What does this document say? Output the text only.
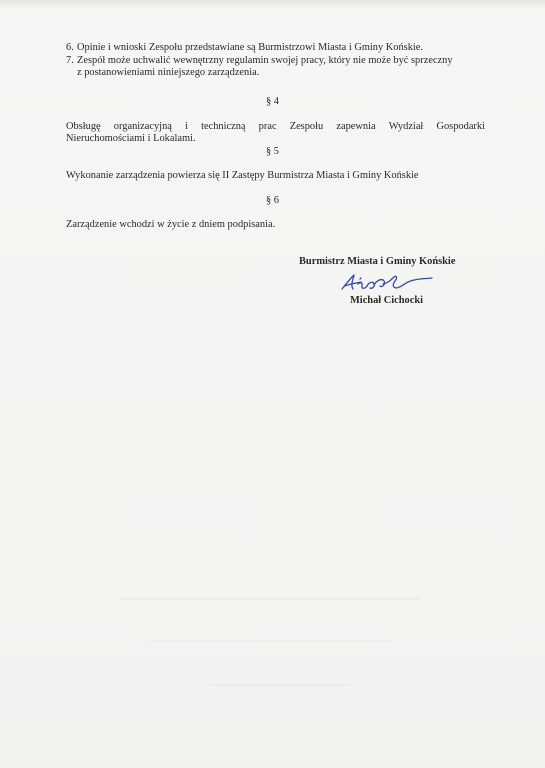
6. Opinie i wnioski Zespołu przedstawiane są Burmistrzowi Miasta i Gminy Końskie.
7. Zespół może uchwalić wewnętrzny regulamin swojej pracy, który nie może być sprzeczny
z postanowieniami niniejszego zarządzenia.
§ 4
Obsługę organizacyjną i techniczną prac Zespołu zapewnia Wydział Gospodarki
Nieruchomościami i Lokalami.
§ 5
Wykonanie zarządzenia powierza się II Zastępy Burmistrza Miasta i Gminy Końskie
§ 6
Zarządzenie wchodzi w życie z dniem podpisania.
Burmistrz Miasta i Gminy Końskie
Michał Cichocki
